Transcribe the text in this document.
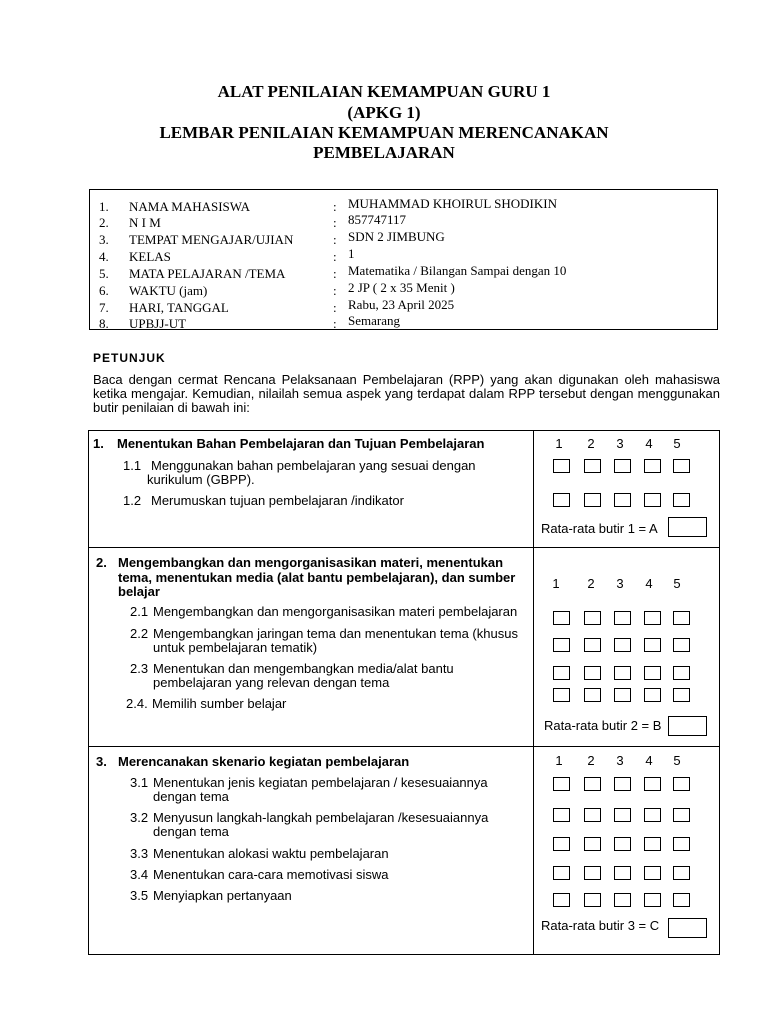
ALAT PENILAIAN KEMAMPUAN GURU 1
(APKG 1)
LEMBAR PENILAIAN KEMAMPUAN MERENCANAKAN
PEMBELAJARAN
1. NAMA MAHASISWA	: MUHAMMAD KHOIRUL SHODIKIN
2. N I M	: 857747117
3. TEMPAT MENGAJAR/UJIAN	: SDN 2 JIMBUNG
4. KELAS	: 1
5. MATA PELAJARAN /TEMA	: Matematika / Bilangan Sampai dengan 10
6. WAKTU (jam)	: 2 JP ( 2 x 35 Menit )
7. HARI, TANGGAL	: Rabu, 23 April 2025
8. UPBJJ-UT	: Semarang
PETUNJUK
Baca dengan cermat Rencana Pelaksanaan Pembelajaran (RPP) yang akan digunakan oleh mahasiswa ketika mengajar. Kemudian, nilailah semua aspek yang terdapat dalam RPP tersebut dengan menggunakan butir penilaian di bawah ini:
1. Menentukan Bahan Pembelajaran dan Tujuan Pembelajaran
1.1 Menggunakan bahan pembelajaran yang sesuai dengan
kurikulum (GBPP).
1.2 Merumuskan tujuan pembelajaran /indikator
1 2 3 4 5
Rata-rata butir 1 = A
2. Mengembangkan dan mengorganisasikan materi, menentukan
tema, menentukan media (alat bantu pembelajaran), dan sumber
belajar
2.1 Mengembangkan dan mengorganisasikan materi pembelajaran
2.2 Mengembangkan jaringan tema dan menentukan tema (khusus
untuk pembelajaran tematik)
2.3 Menentukan dan mengembangkan media/alat bantu
pembelajaran yang relevan dengan tema
2.4. Memilih sumber belajar
1 2 3 4 5
Rata-rata butir 2 = B
3. Merencanakan skenario kegiatan pembelajaran
3.1 Menentukan jenis kegiatan pembelajaran / kesesuaiannya
dengan tema
3.2 Menyusun langkah-langkah pembelajaran /kesesuaiannya
dengan tema
3.3 Menentukan alokasi waktu pembelajaran
3.4 Menentukan cara-cara memotivasi siswa
3.5 Menyiapkan pertanyaan
1 2 3 4 5
Rata-rata butir 3 = C
